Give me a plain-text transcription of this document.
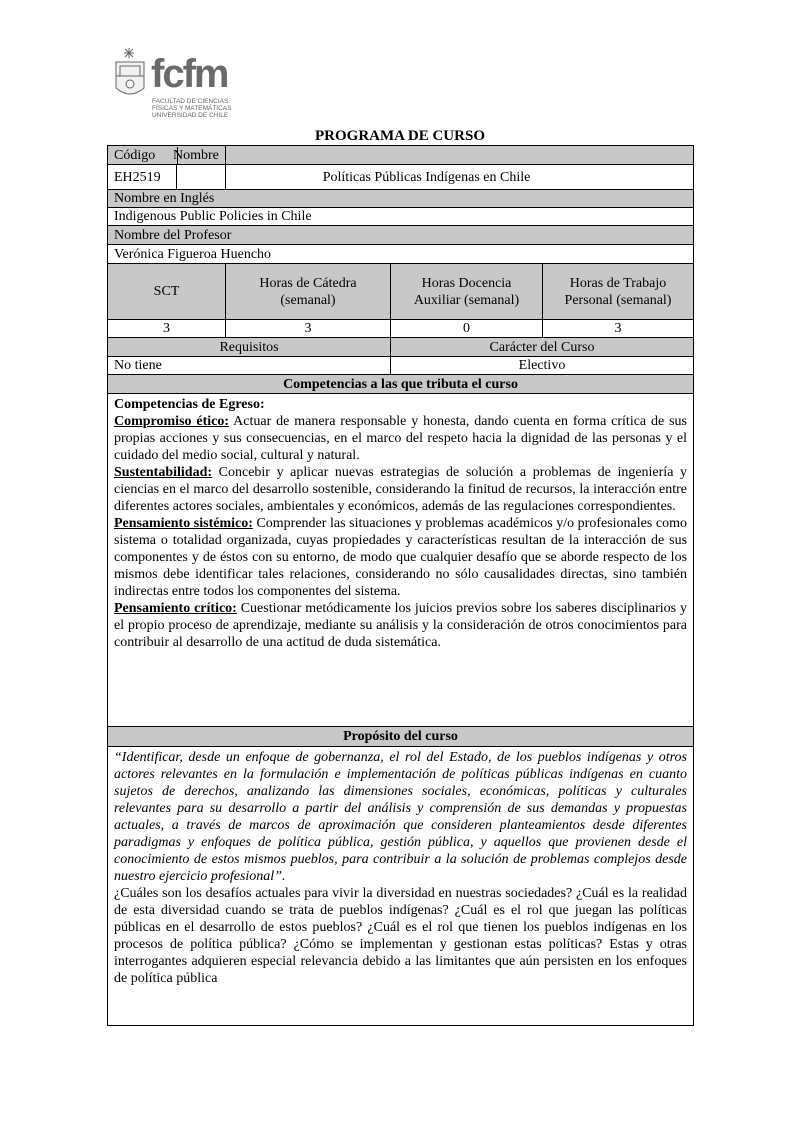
fcfm
FACULTAD DE CIENCIAS
FÍSICAS Y MATEMÁTICAS
UNIVERSIDAD DE CHILE
PROGRAMA DE CURSO
Código	Nombre		

EH2519	Políticas Públicas Indígenas en Chile		
Nombre en Inglés			
Indigenous Public Policies in Chile			
Nombre del Profesor			
Verónica Figueroa Huencho			
SCT	Horas de Cátedra (semanal)	Horas Docencia Auxiliar (semanal)	Horas de Trabajo Personal (semanal)
3	3	0	3
Requisitos		Carácter del Curso	
No tiene		Electivo	
Competencias a las que tributa el curso			

Competencias de Egreso:

Compromiso ético: Actuar de manera responsable y honesta, dando cuenta en forma crítica de sus propias acciones y sus consecuencias, en el marco del respeto hacia la dignidad de las personas y el cuidado del medio social, cultural y natural.

Sustentabilidad: Concebir y aplicar nuevas estrategias de solución a problemas de ingeniería y ciencias en el marco del desarrollo sostenible, considerando la finitud de recursos, la interacción entre diferentes actores sociales, ambientales y económicos, además de las regulaciones correspondientes.

Pensamiento sistémico: Comprender las situaciones y problemas académicos y/o profesionales como sistema o totalidad organizada, cuyas propiedades y características resultan de la interacción de sus componentes y de éstos con su entorno, de modo que cualquier desafío que se aborde respecto de los mismos debe identificar tales relaciones, considerando no sólo causalidades directas, sino también indirectas entre todos los componentes del sistema.

Pensamiento crítico: Cuestionar metódicamente los juicios previos sobre los saberes disciplinarios y el propio proceso de aprendizaje, mediante su análisis y la consideración de otros conocimientos para contribuir al desarrollo de una actitud de duda sistemática.			

Propósito del curso			

“Identificar, desde un enfoque de gobernanza, el rol del Estado, de los pueblos indígenas y otros actores relevantes en la formulación e implementación de políticas públicas indígenas en cuanto sujetos de derechos, analizando las dimensiones sociales, económicas, políticas y culturales relevantes para su desarrollo a partir del análisis y comprensión de sus demandas y propuestas actuales, a través de marcos de aproximación que consideren planteamientos desde diferentes paradigmas y enfoques de política pública, gestión pública, y aquellos que provienen desde el conocimiento de estos mismos pueblos, para contribuir a la solución de problemas complejos desde nuestro ejercicio profesional”.

¿Cuáles son los desafíos actuales para vivir la diversidad en nuestras sociedades? ¿Cuál es la realidad de esta diversidad cuando se trata de pueblos indígenas? ¿Cuál es el rol que juegan las políticas públicas en el desarrollo de estos pueblos? ¿Cuál es el rol que tienen los pueblos indígenas en los procesos de política pública? ¿Cómo se implementan y gestionan estas políticas? Estas y otras interrogantes adquieren especial relevancia debido a las limitantes que aún persisten en los enfoques de política pública			
